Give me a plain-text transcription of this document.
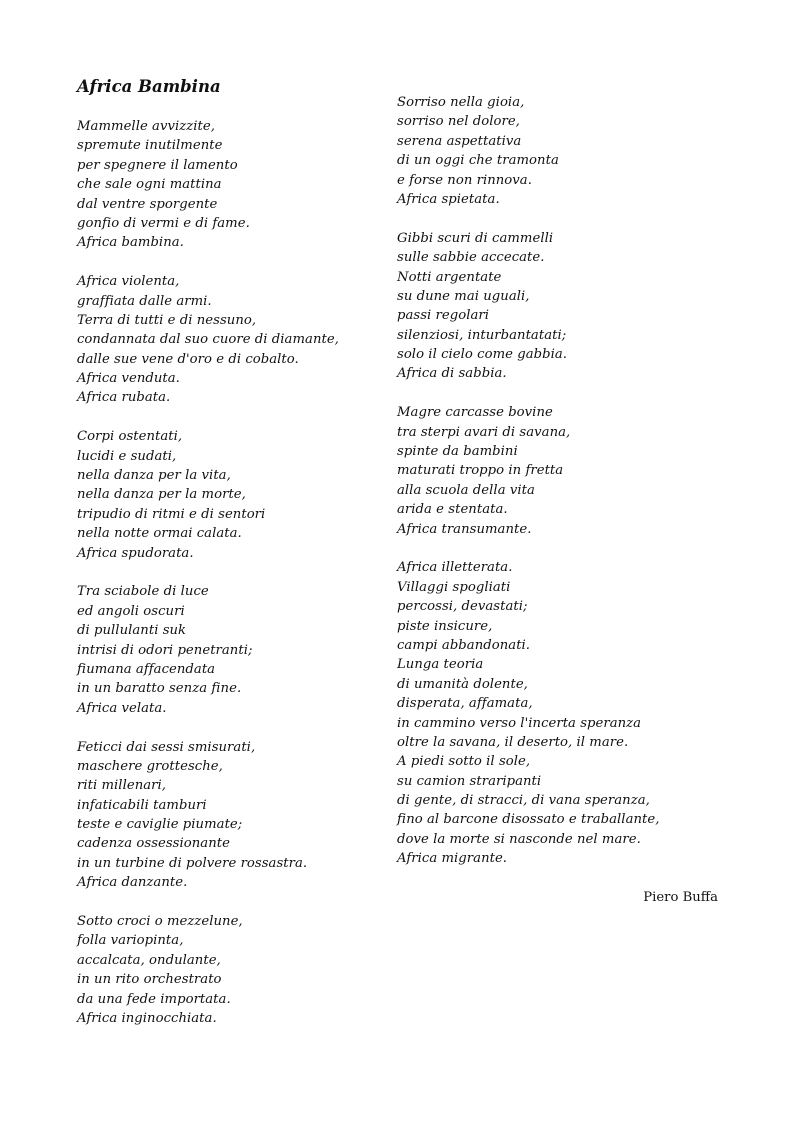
Africa Bambina
Mammelle avvizzite,
spremute inutilmente
per spegnere il lamento
che sale ogni mattina
dal ventre sporgente
gonfio di vermi e di fame.
Africa bambina.
Africa violenta,
graffiata dalle armi.
Terra di tutti e di nessuno,
condannata dal suo cuore di diamante,
dalle sue vene d'oro e di cobalto.
Africa venduta.
Africa rubata.
Corpi ostentati,
lucidi e sudati,
nella danza per la vita,
nella danza per la morte,
tripudio di ritmi e di sentori
nella notte ormai calata.
Africa spudorata.
Tra sciabole di luce
ed angoli oscuri
di pullulanti suk
intrisi di odori penetranti;
fiumana affacendata
in un baratto senza fine.
Africa velata.
Feticci dai sessi smisurati,
maschere grottesche,
riti millenari,
infaticabili tamburi
teste e caviglie piumate;
cadenza ossessionante
in un turbine di polvere rossastra.
Africa danzante.
Sotto croci o mezzelune,
folla variopinta,
accalcata, ondulante,
in un rito orchestrato
da una fede importata.
Africa inginocchiata.
Sorriso nella gioia,
sorriso nel dolore,
serena aspettativa
di un oggi che tramonta
e forse non rinnova.
Africa spietata.
Gibbi scuri di cammelli
sulle sabbie accecate.
Notti argentate
su dune mai uguali,
passi regolari
silenziosi, inturbantatati;
solo il cielo come gabbia.
Africa di sabbia.
Magre carcasse bovine
tra sterpi avari di savana,
spinte da bambini
maturati troppo in fretta
alla scuola della vita
arida e stentata.
Africa transumante.
Africa illetterata.
Villaggi spogliati
percossi, devastati;
piste insicure,
campi abbandonati.
Lunga teoria
di umanità dolente,
disperata, affamata,
in cammino verso l'incerta speranza
oltre la savana, il deserto, il mare.
A piedi sotto il sole,
su camion straripanti
di gente, di stracci, di vana speranza,
fino al barcone disossato e traballante,
dove la morte si nasconde nel mare.
Africa migrante.
Piero Buffa
